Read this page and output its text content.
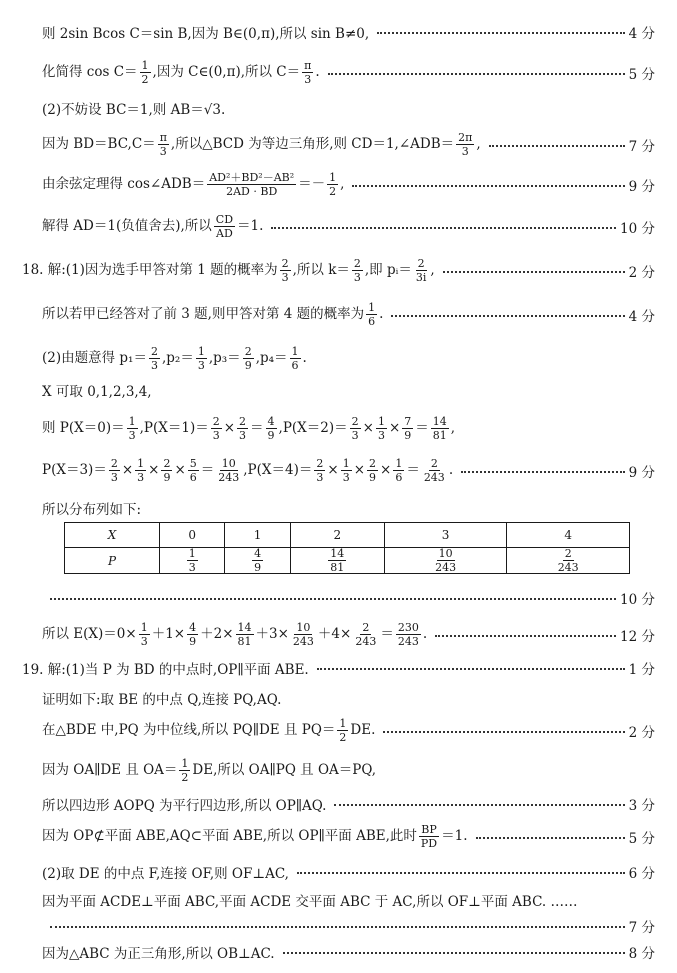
则 2sin Bcos C＝sin B,因为 B∈(0,π),所以 sin B≠0,	4 分
化简得 $\cos C= \frac{1}{2}$ ,因为 C∈(0,π),所以 $C= \frac{\pi}{3}$ .	5 分
(2)不妨设 BC＝1,则 AB＝√3.
因为 $BD=BC,C= \frac{\pi}{3}$ ,所以△BCD 为等边三角形,则 CD＝1,∠ADB＝ $\frac{2\pi}{3}$ ,	7 分
由余弦定理得 cos∠ADB＝ $\frac{\text{AD²＋BD²－AB²}}{2AD \cdot BD} =- \frac{1}{2}$ ,	9 分
解得 AD＝1(负值舍去),所以 $\frac{CD}{AD} =1$.	10 分
18. 解:(1)因为选手甲答对第 1 题的概率为 $\frac{2}{3}$ ,所以 $k= \frac{2}{3}$ ,即 pᵢ＝ $\frac{2}{3i}$ ,	2 分
所以若甲已经答对了前 3 题,则甲答对第 4 题的概率为 $\frac{1}{6}$ .	4 分
(2)由题意得 $p_1= \frac{2}{3} ,p_2= \frac{1}{3} ,p_3= \frac{2}{9} ,p_4= \frac{1}{6}$ .
X 可取 0,1,2,3,4,
则 $P(X=0)= \frac{1}{3} ,P(X=1)= \frac{2}{3} \times \frac{2}{3} = \frac{4}{9} ,P(X=2)= \frac{2}{3} \times \frac{1}{3} \times \frac{7}{9} = \frac{14}{81}$ ,
$P(X=3)= \frac{2}{3} \times \frac{1}{3} \times \frac{2}{9} \times \frac{5}{6} = \frac{10}{243} ,P(X=4)= \frac{2}{3} \times \frac{1}{3} \times \frac{2}{9} \times \frac{1}{6} = \frac{2}{243}$ .	9 分
所以分布列如下:
X	0	1	2	3	4
P	$\frac{1}{3}$	$\frac{4}{9}$	$\frac{14}{81}$	$\frac{10}{243}$	$\frac{2}{243}$
10 分
所以 $E(X)=0\times \frac{1}{3} +1\times \frac{4}{9} +2\times \frac{14}{81} +3\times \frac{10}{243} +4\times \frac{2}{243} = \frac{230}{243}$ .	12 分
19. 解:(1)当 P 为 BD 的中点时,OP∥平面 ABE.	1 分
证明如下:取 BE 的中点 Q,连接 PQ,AQ.
在△BDE 中,PQ 为中位线,所以 PQ∥DE 且 $PQ= \frac{1}{2}$ DE.	2 分
因为 OA∥DE 且 $OA= \frac{1}{2}$ DE,所以 OA∥PQ 且 OA＝PQ,
所以四边形 AOPQ 为平行四边形,所以 OP∥AQ.	3 分
因为 OP⊄平面 ABE,AQ⊂平面 ABE,所以 OP∥平面 ABE,此时 $\frac{BP}{PD} =1$.	5 分
(2)取 DE 的中点 F,连接 OF,则 OF⊥AC,	6 分
因为平面 ACDE⊥平面 ABC,平面 ACDE 交平面 ABC 于 AC,所以 OF⊥平面 ABC. ……
7 分
因为△ABC 为正三角形,所以 OB⊥AC.	8 分
